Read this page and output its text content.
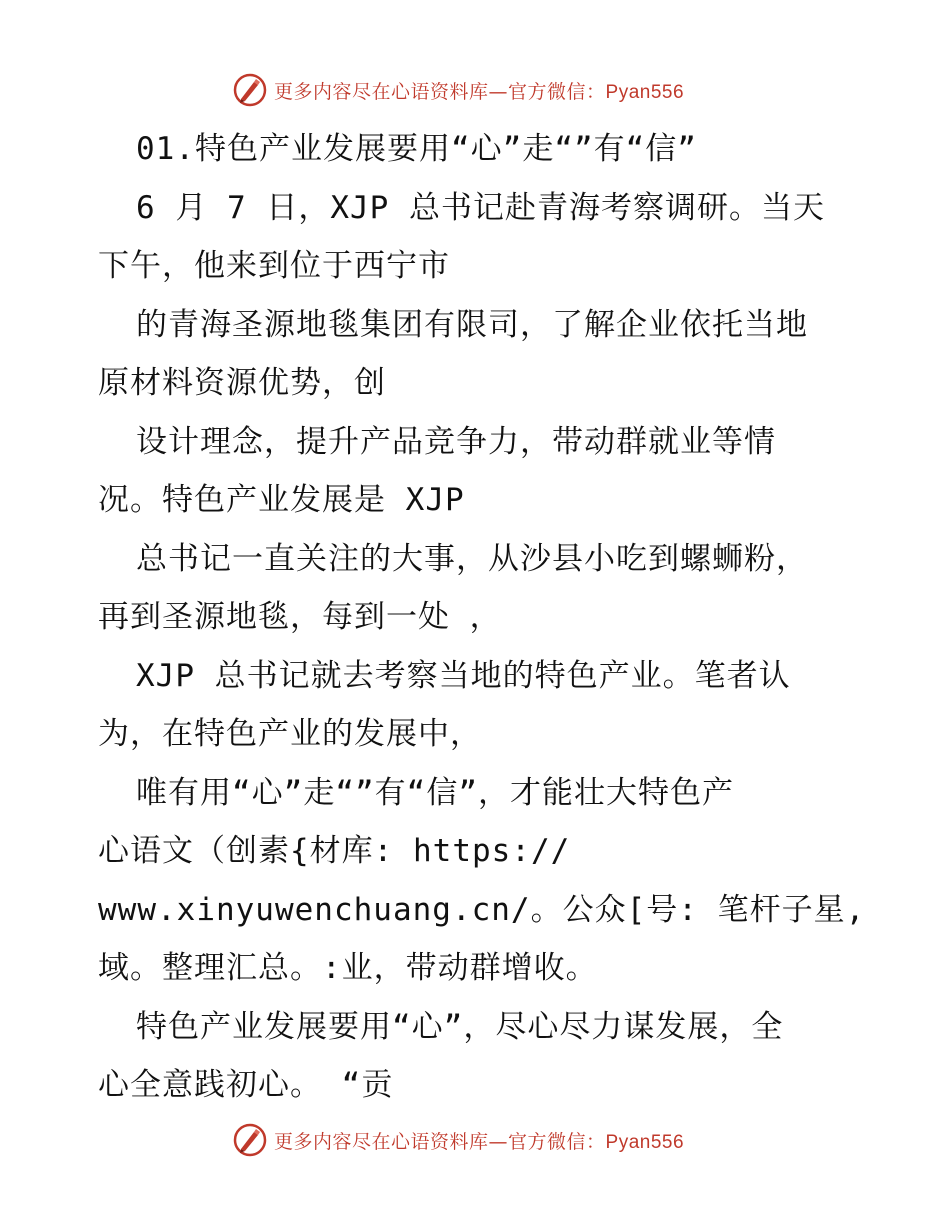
更多内容尽在心语资料库—官方微信：Pyan556
01.特色产业发展要用“心”走“”有“信”
6 月 7 日，XJP 总书记赴青海考察调研。当天
下午，他来到位于西宁市
的青海圣源地毯集团有限司，了解企业依托当地
原材料资源优势，创
设计理念，提升产品竞争力，带动群就业等情
况。特色产业发展是 XJP
总书记一直关注的大事，从沙县小吃到螺蛳粉，
再到圣源地毯，每到一处 ，
XJP 总书记就去考察当地的特色产业。笔者认
为，在特色产业的发展中，
唯有用“心”走“”有“信”，才能壮大特色产
心语文（创素{材库: https://
www.xinyuwenchuang.cn/。公众[号: 笔杆子星,
域。整理汇总。:业，带动群增收。
特色产业发展要用“心”，尽心尽力谋发展，全
心全意践初心。 “贡
更多内容尽在心语资料库—官方微信：Pyan556
